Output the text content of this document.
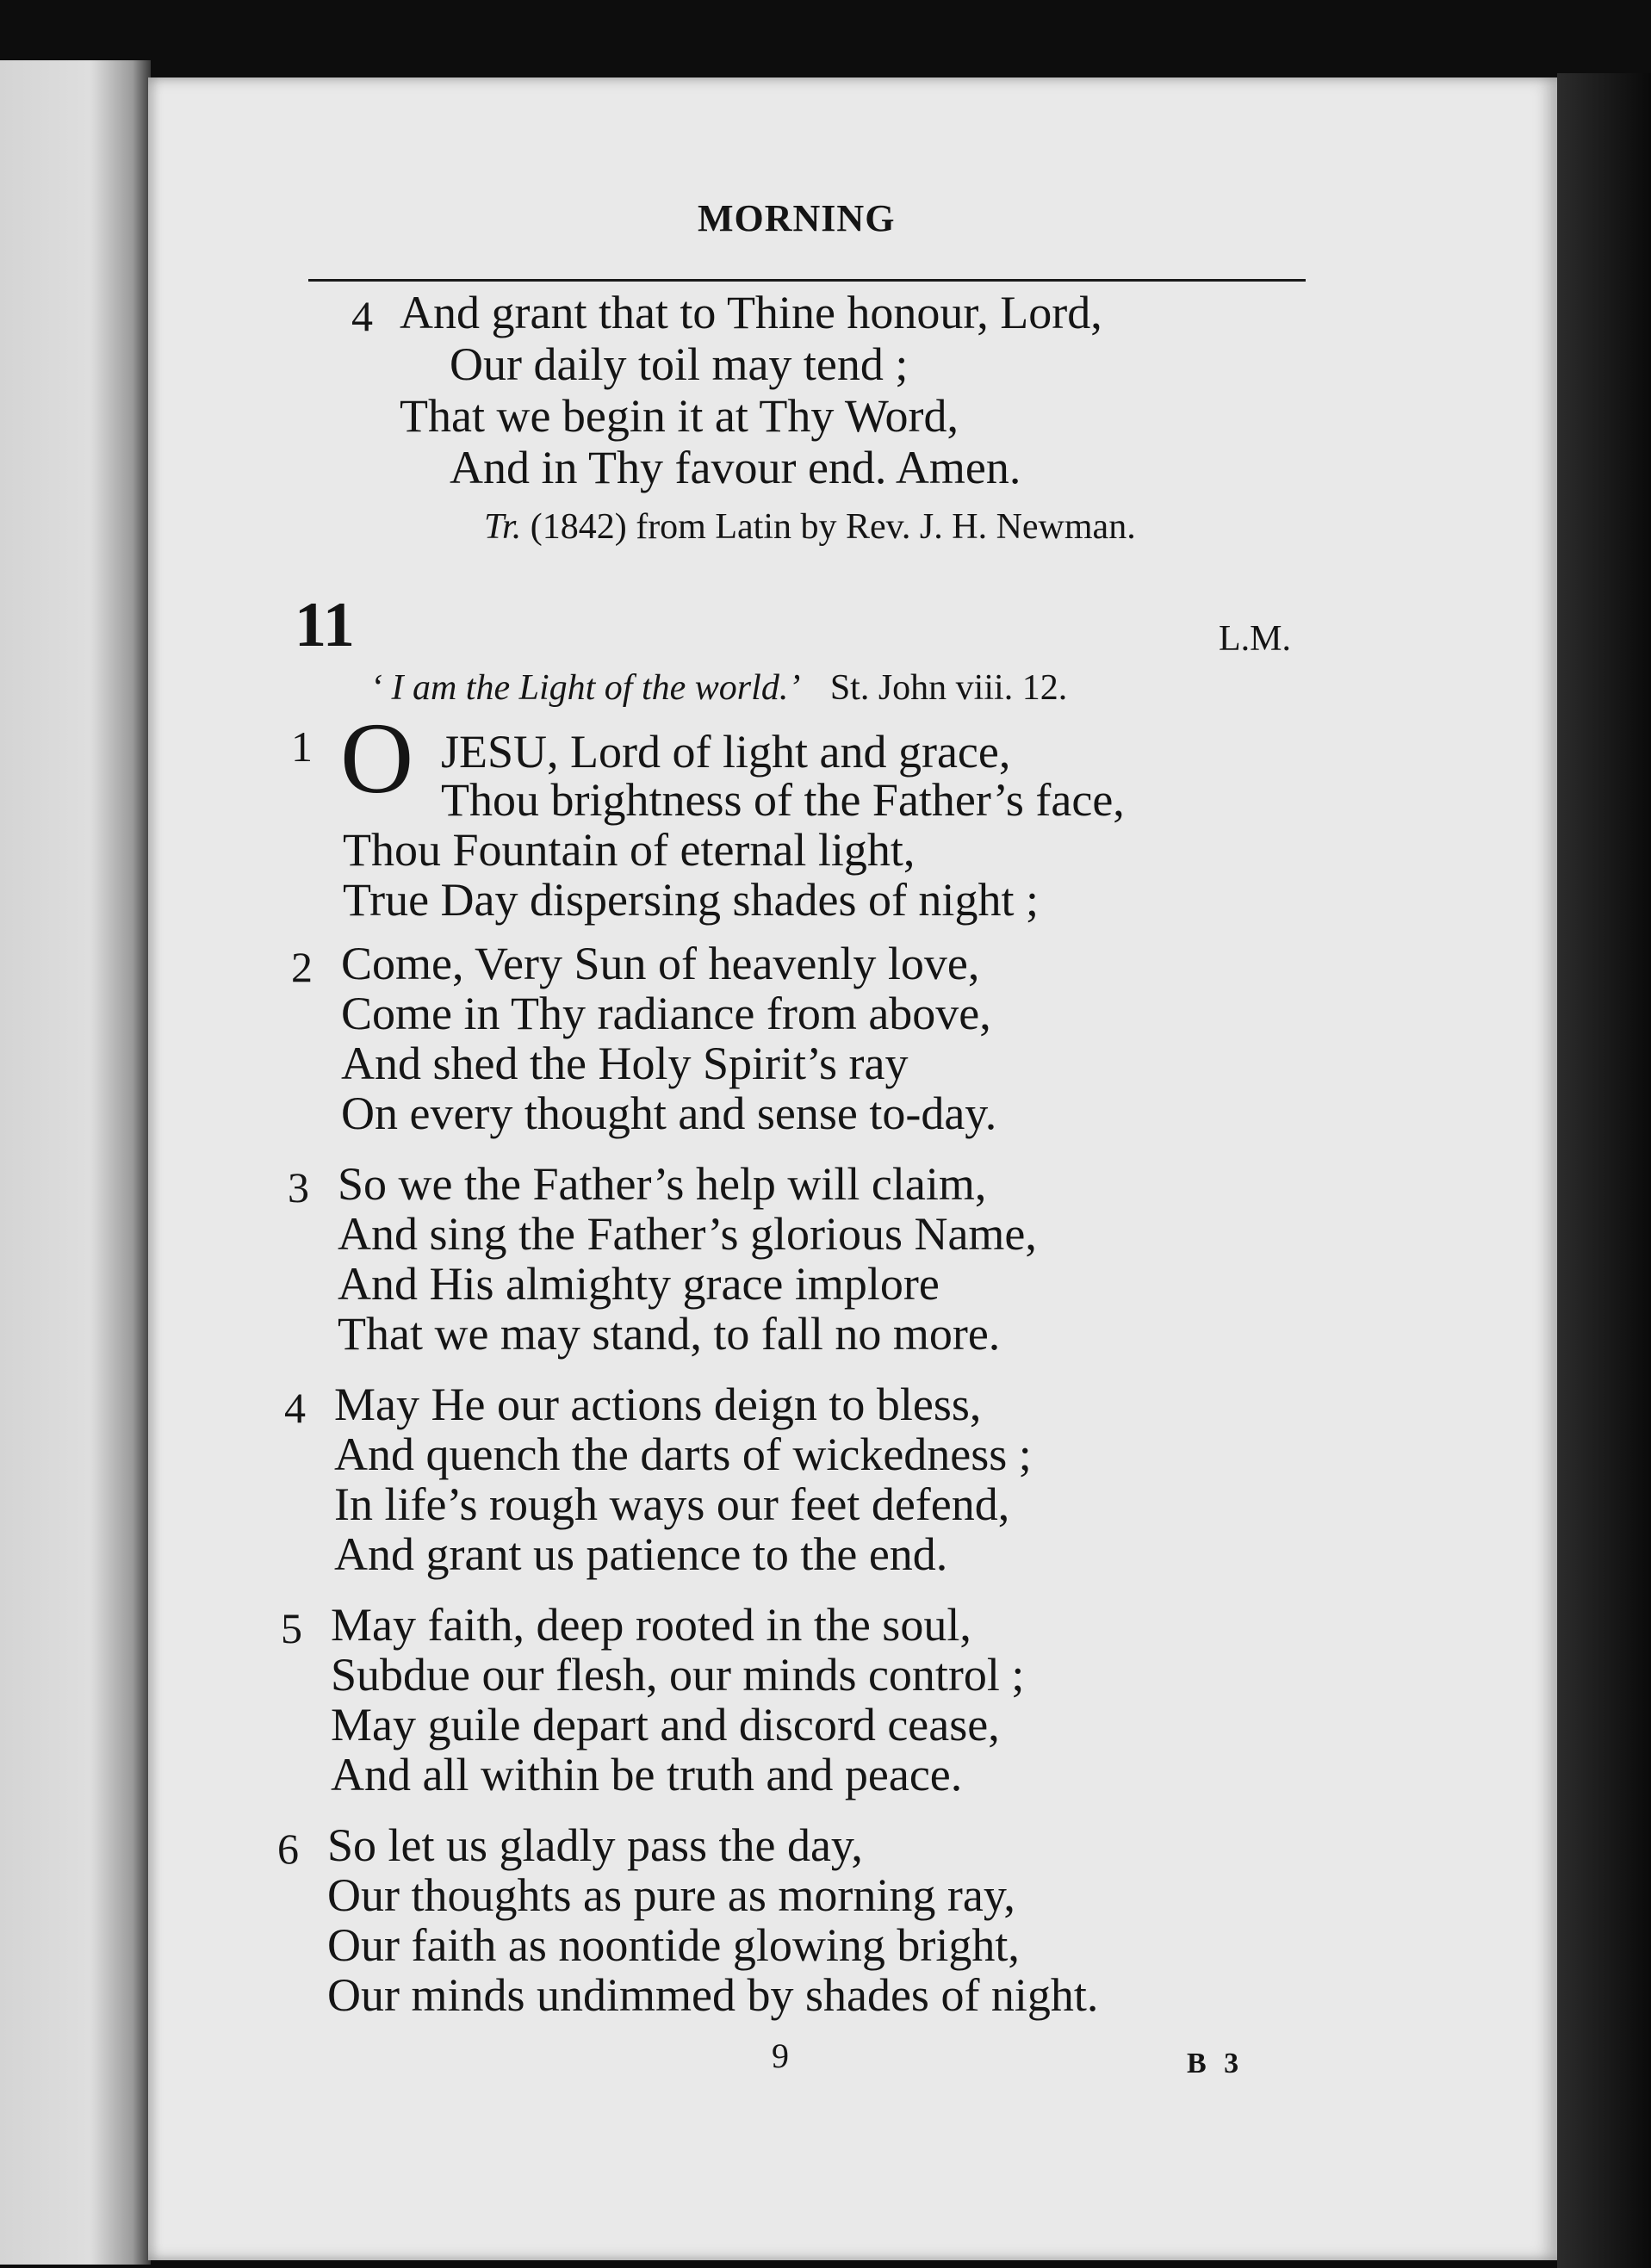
MORNING
4 And grant that to Thine honour, Lord,
Our daily toil may tend ;
That we begin it at Thy Word,
And in Thy favour end. Amen.
Tr. (1842) from Latin by Rev. J. H. Newman.
11	L.M.
‘ I am the Light of the world.’ St. John viii. 12.
1 O JESU, Lord of light and grace,
Thou brightness of the Father’s face,
Thou Fountain of eternal light,
True Day dispersing shades of night ;
2 Come, Very Sun of heavenly love,
Come in Thy radiance from above,
And shed the Holy Spirit’s ray
On every thought and sense to-day.
3 So we the Father’s help will claim,
And sing the Father’s glorious Name,
And His almighty grace implore
That we may stand, to fall no more.
4 May He our actions deign to bless,
And quench the darts of wickedness ;
In life’s rough ways our feet defend,
And grant us patience to the end.
5 May faith, deep rooted in the soul,
Subdue our flesh, our minds control ;
May guile depart and discord cease,
And all within be truth and peace.
6 So let us gladly pass the day,
Our thoughts as pure as morning ray,
Our faith as noontide glowing bright,
Our minds undimmed by shades of night.
9	B 3
